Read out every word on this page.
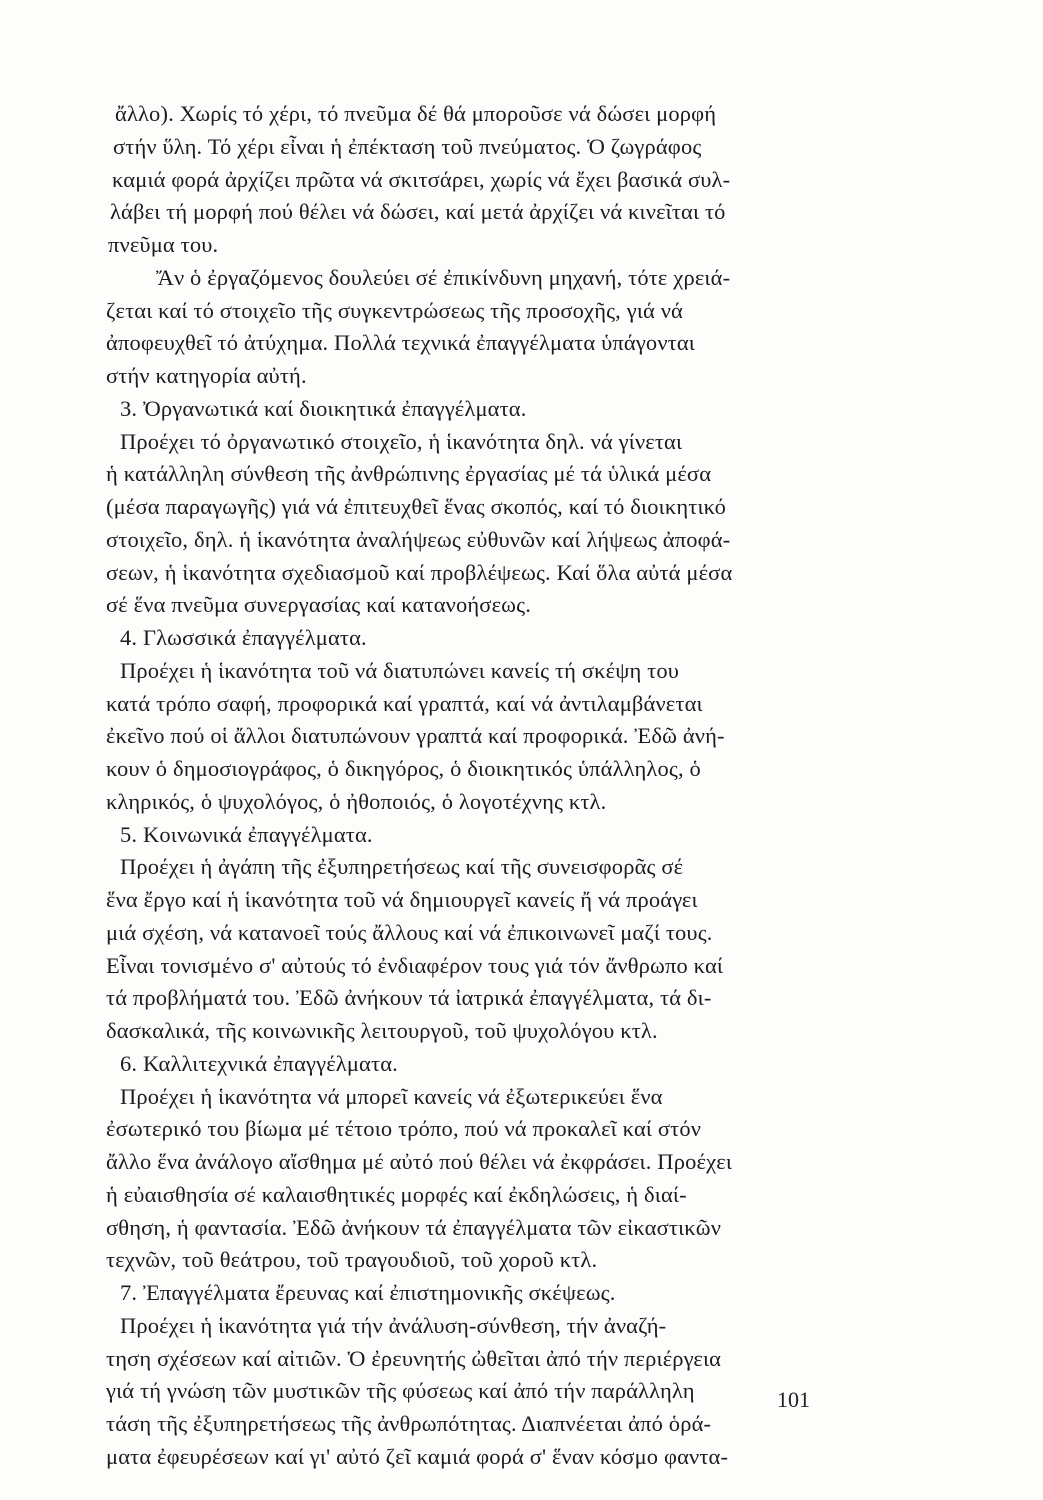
ἄλλο). Χωρίς τό χέρι, τό πνεῦμα δέ θά μποροῦσε νά δώσει μορφή
στήν ὕλη. Τό χέρι εἶναι ἡ ἐπέκταση τοῦ πνεύματος. Ὁ ζωγράφος
καμιά φορά ἀρχίζει πρῶτα νά σκιτσάρει, χωρίς νά ἔχει βασικά συλ-
λάβει τή μορφή πού θέλει νά δώσει, καί μετά ἀρχίζει νά κινεῖται τό
πνεῦμα του.
Ἄν ὁ ἐργαζόμενος δουλεύει σέ ἐπικίνδυνη μηχανή, τότε χρειά-
ζεται καί τό στοιχεῖο τῆς συγκεντρώσεως τῆς προσοχῆς, γιά νά
ἀποφευχθεῖ τό ἀτύχημα. Πολλά τεχνικά ἐπαγγέλματα ὑπάγονται
στήν κατηγορία αὐτή.
3. Ὀργανωτικά καί διοικητικά ἐπαγγέλματα.
Προέχει τό ὀργανωτικό στοιχεῖο, ἡ ἱκανότητα δηλ. νά γίνεται
ἡ κατάλληλη σύνθεση τῆς ἀνθρώπινης ἐργασίας μέ τά ὑλικά μέσα
(μέσα παραγωγῆς) γιά νά ἐπιτευχθεῖ ἕνας σκοπός, καί τό διοικητικό
στοιχεῖο, δηλ. ἡ ἱκανότητα ἀναλήψεως εὐθυνῶν καί λήψεως ἀποφά-
σεων, ἡ ἱκανότητα σχεδιασμοῦ καί προβλέψεως. Καί ὅλα αὐτά μέσα
σέ ἕνα πνεῦμα συνεργασίας καί κατανοήσεως.
4. Γλωσσικά ἐπαγγέλματα.
Προέχει ἡ ἱκανότητα τοῦ νά διατυπώνει κανείς τή σκέψη του
κατά τρόπο σαφή, προφορικά καί γραπτά, καί νά ἀντιλαμβάνεται
ἐκεῖνο πού οἱ ἄλλοι διατυπώνουν γραπτά καί προφορικά. Ἐδῶ ἀνή-
κουν ὁ δημοσιογράφος, ὁ δικηγόρος, ὁ διοικητικός ὑπάλληλος, ὁ
κληρικός, ὁ ψυχολόγος, ὁ ἠθοποιός, ὁ λογοτέχνης κτλ.
5. Κοινωνικά ἐπαγγέλματα.
Προέχει ἡ ἀγάπη τῆς ἐξυπηρετήσεως καί τῆς συνεισφορᾶς σέ
ἕνα ἔργο καί ἡ ἱκανότητα τοῦ νά δημιουργεῖ κανείς ἤ νά προάγει
μιά σχέση, νά κατανοεῖ τούς ἄλλους καί νά ἐπικοινωνεῖ μαζί τους.
Εἶναι τονισμένο σ' αὐτούς τό ἐνδιαφέρον τους γιά τόν ἄνθρωπο καί
τά προβλήματά του. Ἐδῶ ἀνήκουν τά ἰατρικά ἐπαγγέλματα, τά δι-
δασκαλικά, τῆς κοινωνικῆς λειτουργοῦ, τοῦ ψυχολόγου κτλ.
6. Καλλιτεχνικά ἐπαγγέλματα.
Προέχει ἡ ἱκανότητα νά μπορεῖ κανείς νά ἐξωτερικεύει ἕνα
ἐσωτερικό του βίωμα μέ τέτοιο τρόπο, πού νά προκαλεῖ καί στόν
ἄλλο ἕνα ἀνάλογο αἴσθημα μέ αὐτό πού θέλει νά ἐκφράσει. Προέχει
ἡ εὐαισθησία σέ καλαισθητικές μορφές καί ἐκδηλώσεις, ἡ διαί-
σθηση, ἡ φαντασία. Ἐδῶ ἀνήκουν τά ἐπαγγέλματα τῶν εἰκαστικῶν
τεχνῶν, τοῦ θεάτρου, τοῦ τραγουδιοῦ, τοῦ χοροῦ κτλ.
7. Ἐπαγγέλματα ἔρευνας καί ἐπιστημονικῆς σκέψεως.
Προέχει ἡ ἱκανότητα γιά τήν ἀνάλυση-σύνθεση, τήν ἀναζή-
τηση σχέσεων καί αἰτιῶν. Ὁ ἐρευνητής ὠθεῖται ἀπό τήν περιέργεια
γιά τή γνώση τῶν μυστικῶν τῆς φύσεως καί ἀπό τήν παράλληλη
τάση τῆς ἐξυπηρετήσεως τῆς ἀνθρωπότητας. Διαπνέεται ἀπό ὁρά-
ματα ἐφευρέσεων καί γι' αὐτό ζεῖ καμιά φορά σ' ἕναν κόσμο φαντα-
101
